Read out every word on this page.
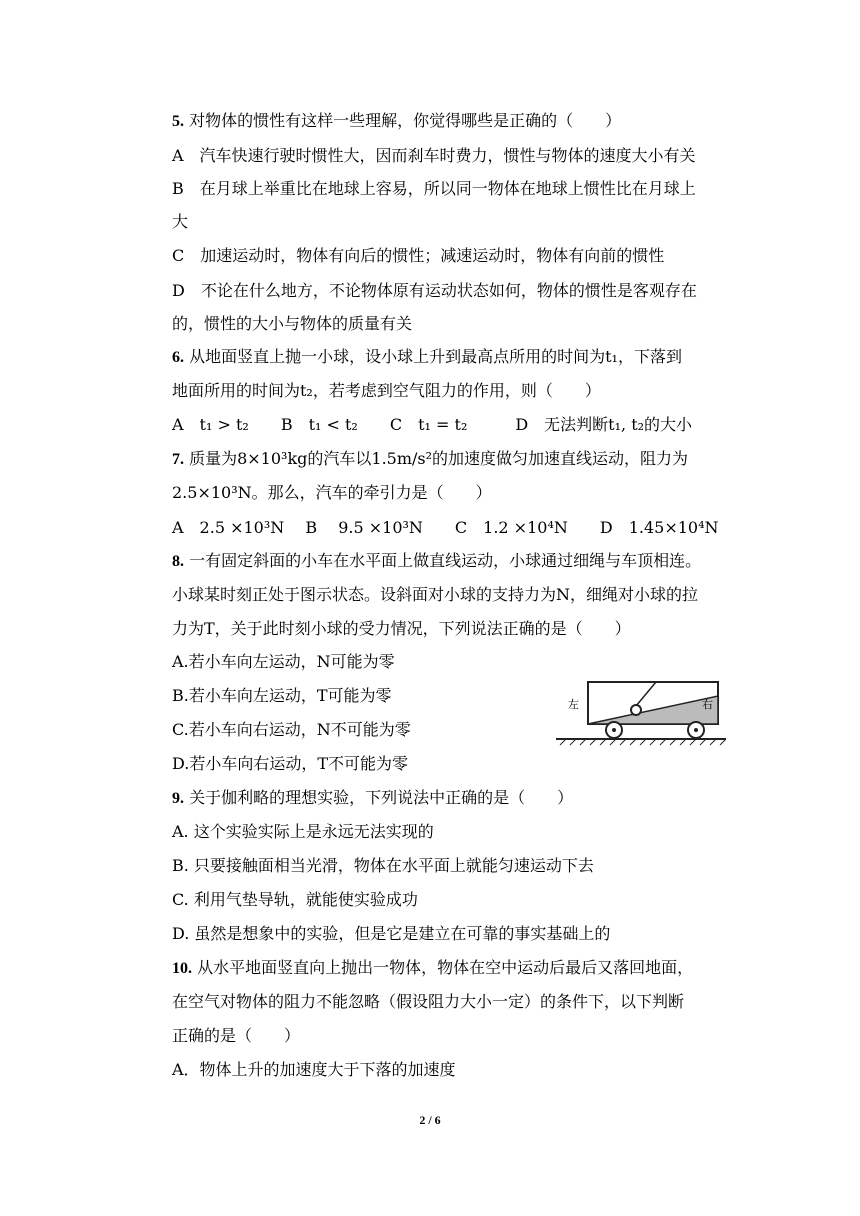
5. 对物体的惯性有这样一些理解，你觉得哪些是正确的（　　）
A　汽车快速行驶时惯性大，因而刹车时费力，惯性与物体的速度大小有关
B　在月球上举重比在地球上容易，所以同一物体在地球上惯性比在月球上
大
C　加速运动时，物体有向后的惯性；减速运动时，物体有向前的惯性
D　不论在什么地方，不论物体原有运动状态如何，物体的惯性是客观存在
的，惯性的大小与物体的质量有关
6. 从地面竖直上抛一小球，设小球上升到最高点所用的时间为t₁，下落到
地面所用的时间为t₂，若考虑到空气阻力的作用，则（　　）
A　t₁ > t₂　　B　t₁ < t₂　　C　t₁ = t₂　　　D　无法判断t₁, t₂的大小
7. 质量为8×10³kg的汽车以1.5m/s²的加速度做匀加速直线运动，阻力为
2.5×10³N。那么，汽车的牵引力是（　　）
A　2.5 ×10³N　 B　 9.5 ×10³N　　C　1.2 ×10⁴N　　D　1.45×10⁴N
8. 一有固定斜面的小车在水平面上做直线运动，小球通过细绳与车顶相连。
小球某时刻正处于图示状态。设斜面对小球的支持力为N，细绳对小球的拉
力为T，关于此时刻小球的受力情况，下列说法正确的是（　　）
A.若小车向左运动，N可能为零
B.若小车向左运动，T可能为零
C.若小车向右运动，N不可能为零
D.若小车向右运动，T不可能为零
左	右
9. 关于伽利略的理想实验，下列说法中正确的是（　　）
A. 这个实验实际上是永远无法实现的
B. 只要接触面相当光滑，物体在水平面上就能匀速运动下去
C. 利用气垫导轨，就能使实验成功
D. 虽然是想象中的实验，但是它是建立在可靠的事实基础上的
10. 从水平地面竖直向上抛出一物体，物体在空中运动后最后又落回地面，
在空气对物体的阻力不能忽略（假设阻力大小一定）的条件下，以下判断
正确的是（　　）
A．物体上升的加速度大于下落的加速度
2 / 6
